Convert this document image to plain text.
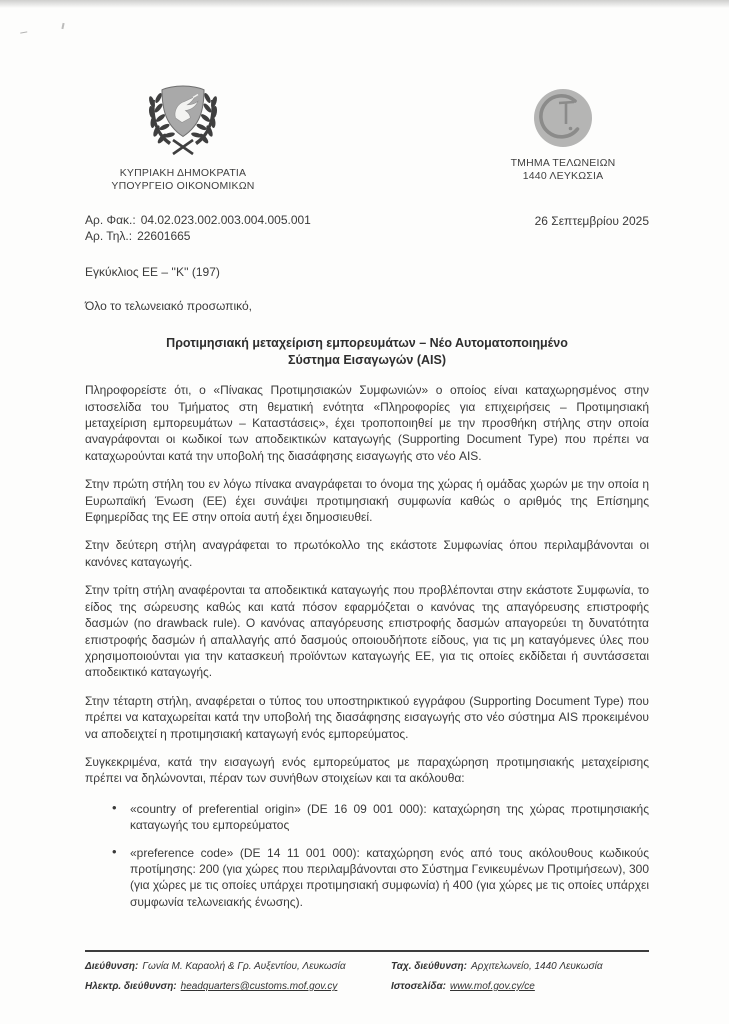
ΚΥΠΡΙΑΚΗ ΔΗΜΟΚΡΑΤΙΑ
ΥΠΟΥΡΓΕΙΟ ΟΙΚΟΝΟΜΙΚΩΝ
ΤΜΗΜΑ ΤΕΛΩΝΕΙΩΝ
1440 ΛΕΥΚΩΣΙΑ
Αρ. Φακ.: 04.02.023.002.003.004.005.001
Αρ. Τηλ.: 22601665
26 Σεπτεμβρίου 2025
Εγκύκλιος ΕΕ – ''Κ'' (197)
Όλο το τελωνειακό προσωπικό,
Προτιμησιακή μεταχείριση εμπορευμάτων – Νέο Αυτοματοποιημένο
Σύστημα Εισαγωγών (AIS)

Πληροφορείστε ότι, ο «Πίνακας Προτιμησιακών Συμφωνιών» ο οποίος είναι καταχωρησμένος στην ιστοσελίδα του Τμήματος στη θεματική ενότητα «Πληροφορίες για επιχειρήσεις – Προτιμησιακή μεταχείριση εμπορευμάτων – Καταστάσεις», έχει τροποποιηθεί με την προσθήκη στήλης στην οποία αναγράφονται οι κωδικοί των αποδεικτικών καταγωγής (Supporting Document Type) που πρέπει να καταχωρούνται κατά την υποβολή της διασάφησης εισαγωγής στο νέο AIS.

Στην πρώτη στήλη του εν λόγω πίνακα αναγράφεται το όνομα της χώρας ή ομάδας χωρών με την οποία η Ευρωπαϊκή Ένωση (ΕΕ) έχει συνάψει προτιμησιακή συμφωνία καθώς ο αριθμός της Επίσημης Εφημερίδας της ΕΕ στην οποία αυτή έχει δημοσιευθεί.

Στην δεύτερη στήλη αναγράφεται το πρωτόκολλο της εκάστοτε Συμφωνίας όπου περιλαμβάνονται οι κανόνες καταγωγής.

Στην τρίτη στήλη αναφέρονται τα αποδεικτικά καταγωγής που προβλέπονται στην εκάστοτε Συμφωνία, το είδος της σώρευσης καθώς και κατά πόσον εφαρμόζεται ο κανόνας της απαγόρευσης επιστροφής δασμών (no drawback rule). Ο κανόνας απαγόρευσης επιστροφής δασμών απαγορεύει τη δυνατότητα επιστροφής δασμών ή απαλλαγής από δασμούς οποιουδήποτε είδους, για τις μη καταγόμενες ύλες που χρησιμοποιούνται για την κατασκευή προϊόντων καταγωγής ΕΕ, για τις οποίες εκδίδεται ή συντάσσεται αποδεικτικό καταγωγής.

Στην τέταρτη στήλη, αναφέρεται ο τύπος του υποστηρικτικού εγγράφου (Supporting Document Type) που πρέπει να καταχωρείται κατά την υποβολή της διασάφησης εισαγωγής στο νέο σύστημα AIS προκειμένου να αποδειχτεί η προτιμησιακή καταγωγή ενός εμπορεύματος.

Συγκεκριμένα, κατά την εισαγωγή ενός εμπορεύματος με παραχώρηση προτιμησιακής μεταχείρισης πρέπει να δηλώνονται, πέραν των συνήθων στοιχείων και τα ακόλουθα:

• «country of preferential origin» (DE 16 09 001 000): καταχώρηση της χώρας προτιμησιακής καταγωγής του εμπορεύματος
• «preference code» (DE 14 11 001 000): καταχώρηση ενός από τους ακόλουθους κωδικούς προτίμησης: 200 (για χώρες που περιλαμβάνονται στο Σύστημα Γενικευμένων Προτιμήσεων), 300 (για χώρες με τις οποίες υπάρχει προτιμησιακή συμφωνία) ή 400 (για χώρες με τις οποίες υπάρχει συμφωνία τελωνειακής ένωσης).
Διεύθυνση: Γωνία Μ. Καραολή & Γρ. Αυξεντίου, Λευκωσία
Ηλεκτρ. διεύθυνση: headquarters@customs.mof.gov.cy
Ταχ. διεύθυνση: Αρχιτελωνείο, 1440 Λευκωσία
Ιστοσελίδα: www.mof.gov.cy/ce
